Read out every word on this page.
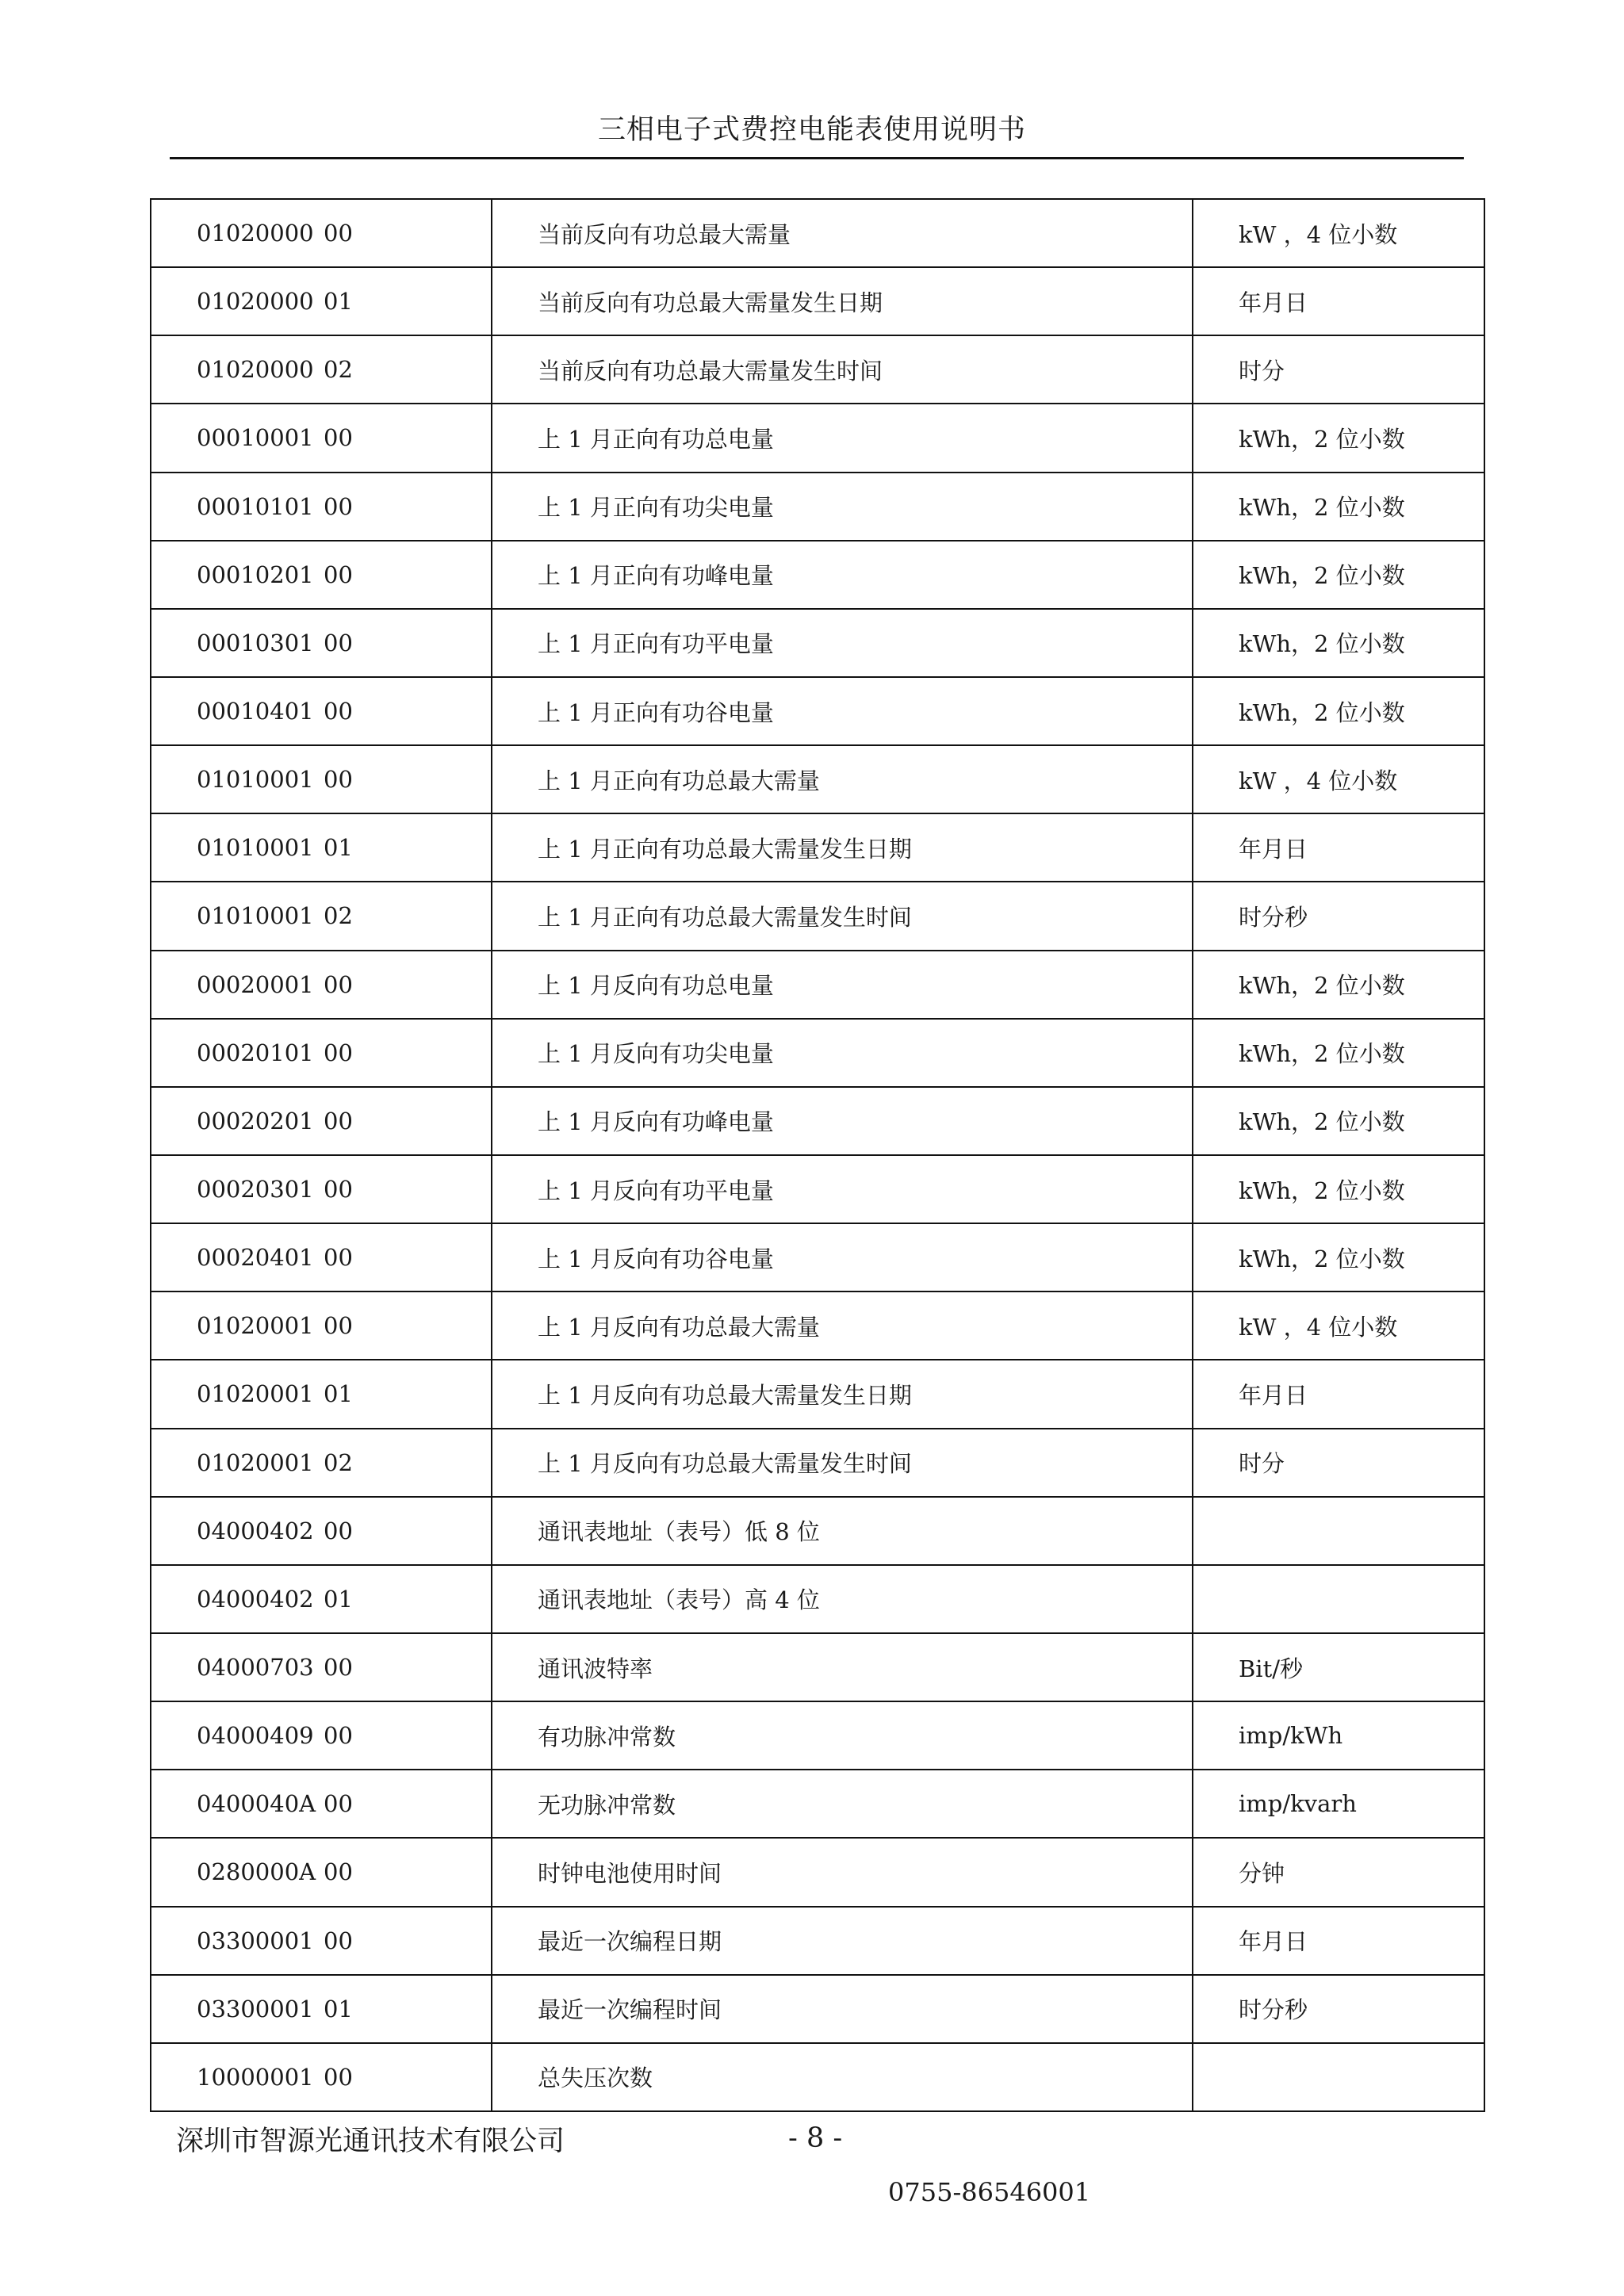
三相电子式费控电能表使用说明书
01020000 00	当前反向有功总最大需量	kW ，4 位小数
01020000 01	当前反向有功总最大需量发生日期	年月日
01020000 02	当前反向有功总最大需量发生时间	时分
00010001 00	上 1 月正向有功总电量	kWh，2 位小数
00010101 00	上 1 月正向有功尖电量	kWh，2 位小数
00010201 00	上 1 月正向有功峰电量	kWh，2 位小数
00010301 00	上 1 月正向有功平电量	kWh，2 位小数
00010401 00	上 1 月正向有功谷电量	kWh，2 位小数
01010001 00	上 1 月正向有功总最大需量	kW ，4 位小数
01010001 01	上 1 月正向有功总最大需量发生日期	年月日
01010001 02	上 1 月正向有功总最大需量发生时间	时分秒
00020001 00	上 1 月反向有功总电量	kWh，2 位小数
00020101 00	上 1 月反向有功尖电量	kWh，2 位小数
00020201 00	上 1 月反向有功峰电量	kWh，2 位小数
00020301 00	上 1 月反向有功平电量	kWh，2 位小数
00020401 00	上 1 月反向有功谷电量	kWh，2 位小数
01020001 00	上 1 月反向有功总最大需量	kW ，4 位小数
01020001 01	上 1 月反向有功总最大需量发生日期	年月日
01020001 02	上 1 月反向有功总最大需量发生时间	时分
04000402 00	通讯表地址（表号）低 8 位	
04000402 01	通讯表地址（表号）高 4 位	
04000703 00	通讯波特率	Bit/秒
04000409 00	有功脉冲常数	imp/kWh
0400040A 00	无功脉冲常数	imp/kvarh
0280000A 00	时钟电池使用时间	分钟
03300001 00	最近一次编程日期	年月日
03300001 01	最近一次编程时间	时分秒
10000001 00	总失压次数	
深圳市智源光通讯技术有限公司	- 8 -
0755-86546001
